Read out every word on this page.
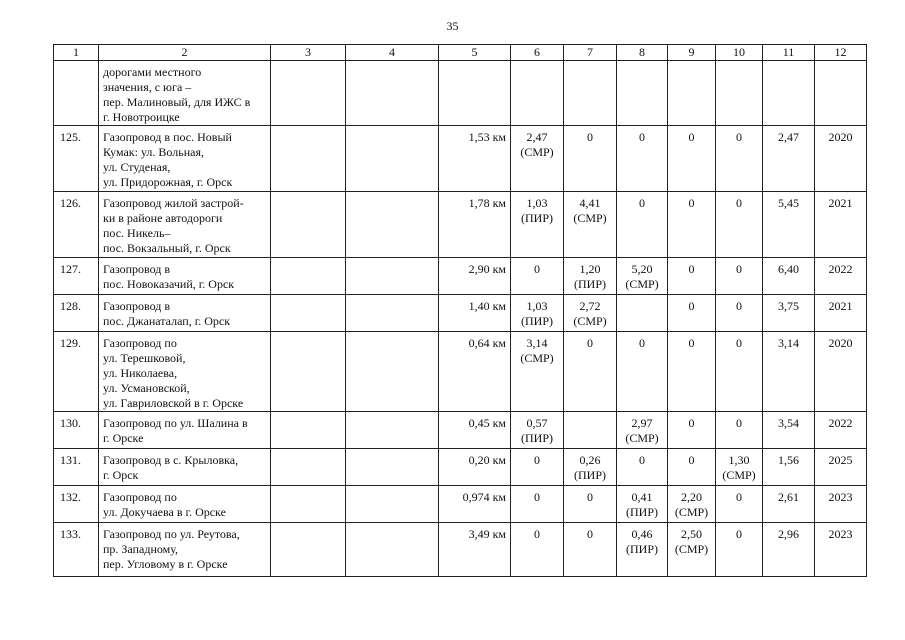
35
1	2	3	4	5	6	7	8	9	10	11	12

	дорогами местного
значения, с юга –
пер. Малиновый, для ИЖС в
г. Новотроицке										

125.	Газопровод в пос. Новый
Кумак: ул. Вольная,
ул. Студеная,
ул. Придорожная, г. Орск			1,53 км	2,47
(СМР)	0	0	0	0	2,47	2020
126.	Газопровод жилой застрой-
ки в районе автодороги
пос. Никель–
пос. Вокзальный, г. Орск			1,78 км	1,03
(ПИР)	4,41
(СМР)	0	0	0	5,45	2021
127.	Газопровод в
пос. Новоказачий, г. Орск			2,90 км	0	1,20
(ПИР)	5,20
(СМР)	0	0	6,40	2022
128.	Газопровод в
пос. Джанаталап, г. Орск			1,40 км	1,03
(ПИР)	2,72
(СМР)		0	0	3,75	2021
129.	Газопровод по
ул. Терешковой,
ул. Николаева,
ул. Усмановской,
ул. Гавриловской в г. Орске			0,64 км	3,14
(СМР)	0	0	0	0	3,14	2020
130.	Газопровод по ул. Шалина в
г. Орске			0,45 км	0,57
(ПИР)		2,97
(СМР)	0	0	3,54	2022
131.	Газопровод в с. Крыловка,
г. Орск			0,20 км	0	0,26
(ПИР)	0	0	1,30
(СМР)	1,56	2025
132.	Газопровод по
ул. Докучаева в г. Орске			0,974 км	0	0	0,41
(ПИР)	2,20
(СМР)	0	2,61	2023
133.	Газопровод по ул. Реутова,
пр. Западному,
пер. Угловому в г. Орске			3,49 км	0	0	0,46
(ПИР)	2,50
(СМР)	0	2,96	2023
